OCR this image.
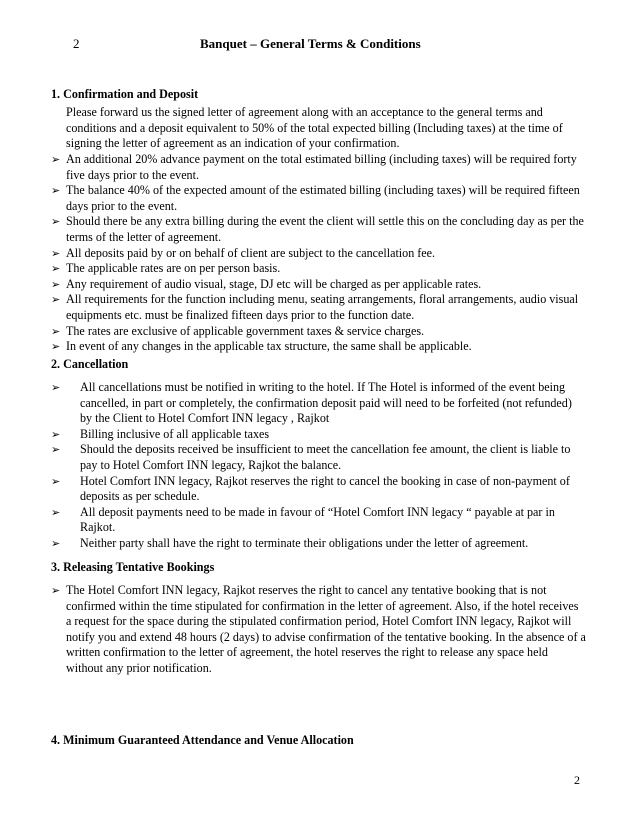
2	Banquet – General Terms & Conditions

1. Confirmation and Deposit

Please forward us the signed letter of agreement along with an acceptance to the general terms and conditions and a deposit equivalent to 50% of the total expected billing (Including taxes) at the time of signing the letter of agreement as an indication of your confirmation.

➢ An additional 20% advance payment on the total estimated billing (including taxes) will be required forty five days prior to the event.
➢ The balance 40% of the expected amount of the estimated billing (including taxes) will be required fifteen days prior to the event.
➢ Should there be any extra billing during the event the client will settle this on the concluding day as per the terms of the letter of agreement.
➢ All deposits paid by or on behalf of client are subject to the cancellation fee.
➢ The applicable rates are on per person basis.
➢ Any requirement of audio visual, stage, DJ etc will be charged as per applicable rates.
➢ All requirements for the function including menu, seating arrangements, floral arrangements, audio visual equipments etc. must be finalized fifteen days prior to the function date.
➢ The rates are exclusive of applicable government taxes & service charges.
➢ In event of any changes in the applicable tax structure, the same shall be applicable.

2. Cancellation

➢ All cancellations must be notified in writing to the hotel. If The Hotel is informed of the event being cancelled, in part or completely, the confirmation deposit paid will need to be forfeited (not refunded) by the Client to Hotel Comfort INN legacy , Rajkot
➢ Billing inclusive of all applicable taxes
➢ Should the deposits received be insufficient to meet the cancellation fee amount, the client is liable to pay to Hotel Comfort INN legacy, Rajkot the balance.
➢ Hotel Comfort INN legacy, Rajkot reserves the right to cancel the booking in case of non-payment of deposits as per schedule.
➢ All deposit payments need to be made in favour of “Hotel Comfort INN legacy “ payable at par in Rajkot.
➢ Neither party shall have the right to terminate their obligations under the letter of agreement.

3. Releasing Tentative Bookings

➢ The Hotel Comfort INN legacy, Rajkot reserves the right to cancel any tentative booking that is not confirmed within the time stipulated for confirmation in the letter of agreement. Also, if the hotel receives a request for the space during the stipulated confirmation period, Hotel Comfort INN legacy, Rajkot will notify you and extend 48 hours (2 days) to advise confirmation of the tentative booking. In the absence of a written confirmation to the letter of agreement, the hotel reserves the right to release any space held without any prior notification.

4. Minimum Guaranteed Attendance and Venue Allocation

2
